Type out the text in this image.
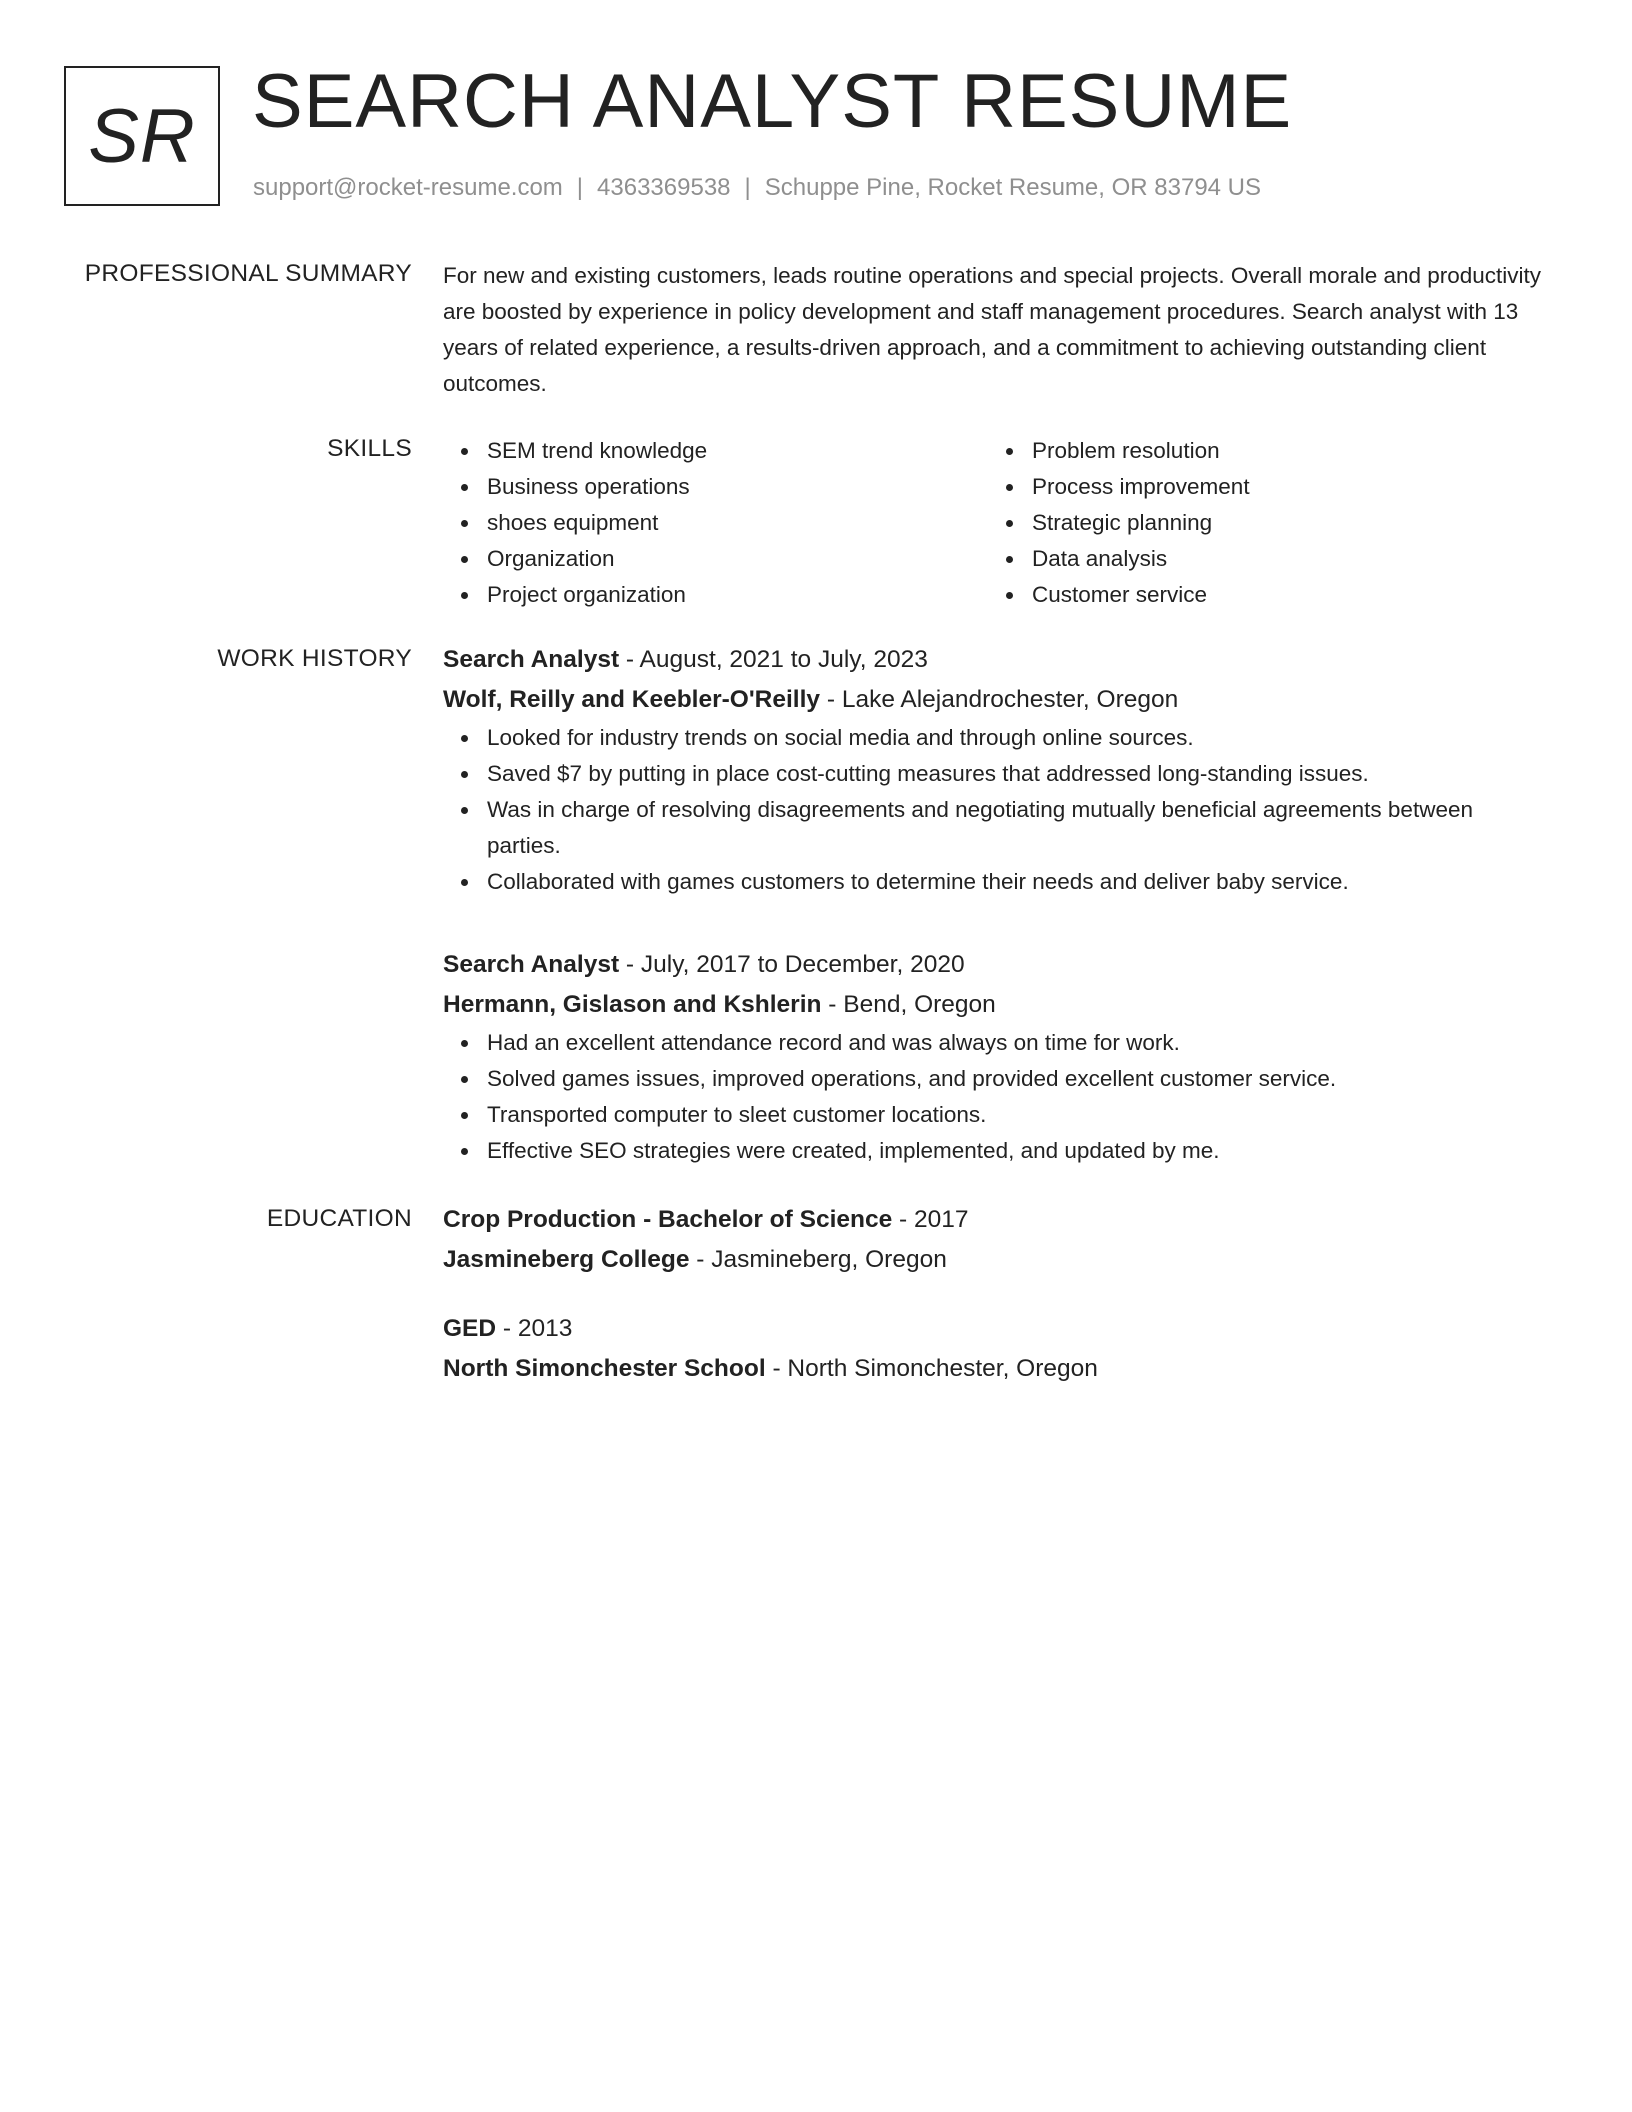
SR SEARCH ANALYST RESUME
support@rocket-resume.com | 4363369538 | Schuppe Pine, Rocket Resume, OR 83794 US
PROFESSIONAL SUMMARY For new and existing customers, leads routine operations and special projects. Overall morale and productivity are boosted by experience in policy development and staff management procedures. Search analyst with 13 years of related experience, a results-driven approach, and a commitment to achieving outstanding client outcomes.

SKILLS	SEM trend knowledge
Business operations
shoes equipment
Organization
Project organization
Problem resolution
Process improvement
Strategic planning
Data analysis
Customer service
WORK HISTORY Search Analyst - August, 2021 to July, 2023
Wolf, Reilly and Keebler-O'Reilly - Lake Alejandrochester, Oregon
Looked for industry trends on social media and through online sources.
Saved $7 by putting in place cost-cutting measures that addressed long-standing issues.
Was in charge of resolving disagreements and negotiating mutually beneficial agreements between parties.
Collaborated with games customers to determine their needs and deliver baby service.
Search Analyst - July, 2017 to December, 2020
Hermann, Gislason and Kshlerin - Bend, Oregon
Had an excellent attendance record and was always on time for work.
Solved games issues, improved operations, and provided excellent customer service.
Transported computer to sleet customer locations.
Effective SEO strategies were created, implemented, and updated by me.
EDUCATION Crop Production - Bachelor of Science - 2017
Jasmineberg College - Jasmineberg, Oregon
GED - 2013
North Simonchester School - North Simonchester, Oregon
